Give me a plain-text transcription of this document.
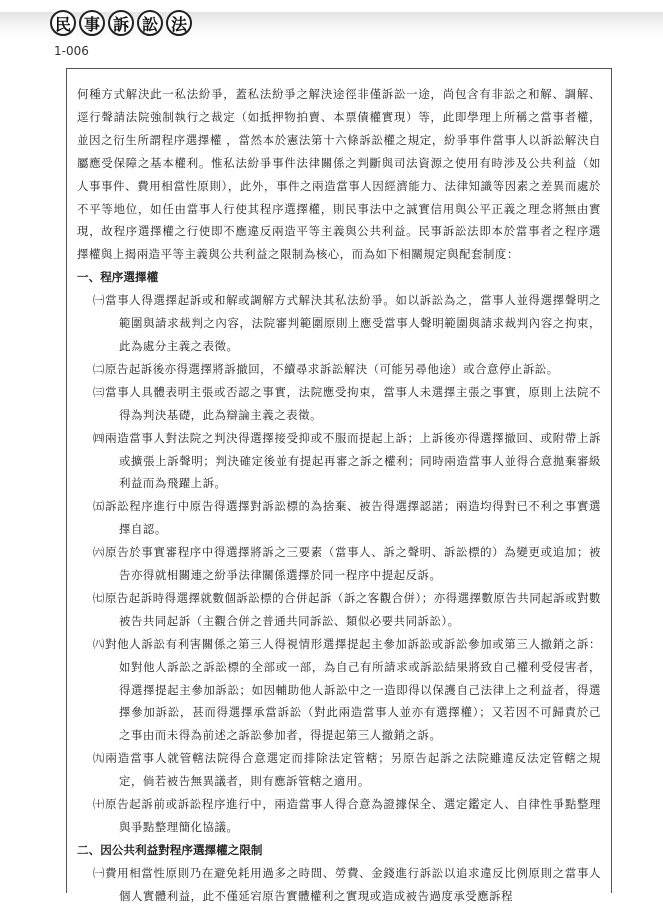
民 事 訴 訟 法
1-006

何種方式解決此一私法紛爭，蓋私法紛爭之解決途徑非僅訴訟一途，尚包含有非訟之和解、調解、逕行聲請法院強制執行之裁定（如抵押物拍賣、本票債權實現）等，此即學理上所稱之當事者權，並因之衍生所謂程序選擇權 ，當然本於憲法第十六條訴訟權之規定，紛爭事件當事人以訴訟解決自屬應受保障之基本權利。惟私法紛爭事件法律關係之判斷與司法資源之使用有時涉及公共利益（如人事事件、費用相當性原則），此外，事件之兩造當事人因經濟能力、法律知識等因素之差異而處於不平等地位，如任由當事人行使其程序選擇權，則民事法中之誠實信用與公平正義之理念將無由實現，故程序選擇權之行使即不應違反兩造平等主義與公共利益。民事訴訟法即本於當事者之程序選擇權與上揭兩造平等主義與公共利益之限制為核心，而為如下相關規定與配套制度：

一、程序選擇權

㈠當事人得選擇起訴或和解或調解方式解決其私法紛爭。如以訴訟為之，當事人並得選擇聲明之範圍與請求裁判之內容，法院審判範圍原則上應受當事人聲明範圍與請求裁判內容之拘束，此為處分主義之表徵。

㈡原告起訴後亦得選擇將訴撤回，不續尋求訴訟解決（可能另尋他途）或合意停止訴訟。

㈢當事人具體表明主張或否認之事實，法院應受拘束，當事人未選擇主張之事實，原則上法院不得為判決基礎，此為辯論主義之表徵。

㈣兩造當事人對法院之判決得選擇接受抑或不服而提起上訴；上訴後亦得選擇撤回、或附帶上訴或擴張上訴聲明；判決確定後並有提起再審之訴之權利；同時兩造當事人並得合意拋棄審級利益而為飛躍上訴。

㈤訴訟程序進行中原告得選擇對訴訟標的為捨棄、被告得選擇認諾；兩造均得對已不利之事實選擇自認。

㈥原告於事實審程序中得選擇將訴之三要素（當事人、訴之聲明、訴訟標的）為變更或追加；被告亦得就相關連之紛爭法律關係選擇於同一程序中提起反訴。

㈦原告起訴時得選擇就數個訴訟標的合併起訴（訴之客觀合併）；亦得選擇數原告共同起訴或對數被告共同起訴（主觀合併之普通共同訴訟、類似必要共同訴訟）。

㈧對他人訴訟有利害關係之第三人得視情形選擇提起主參加訴訟或訴訟參加或第三人撤銷之訴：如對他人訴訟之訴訟標的全部或一部，為自己有所請求或訴訟結果將致自己權利受侵害者，得選擇提起主參加訴訟；如因輔助他人訴訟中之一造即得以保護自己法律上之利益者，得選擇參加訴訟，甚而得選擇承當訴訟（對此兩造當事人並亦有選擇權）；又若因不可歸責於己之事由而未得為前述之訴訟參加者，得提起第三人撤銷之訴。

㈨兩造當事人就管轄法院得合意選定而排除法定管轄；另原告起訴之法院雖違反法定管轄之規定，倘若被告無異議者，則有應訴管轄之適用。

㈩原告起訴前或訴訟程序進行中，兩造當事人得合意為證據保全、選定鑑定人、自律性爭點整理與爭點整理簡化協議。

二、因公共利益對程序選擇權之限制

㈠費用相當性原則乃在避免耗用過多之時間、勞費、金錢進行訴訟以追求違反比例原則之當事人個人實體利益，此不僅延宕原告實體權利之實現或造成被告過度承受應訴程
